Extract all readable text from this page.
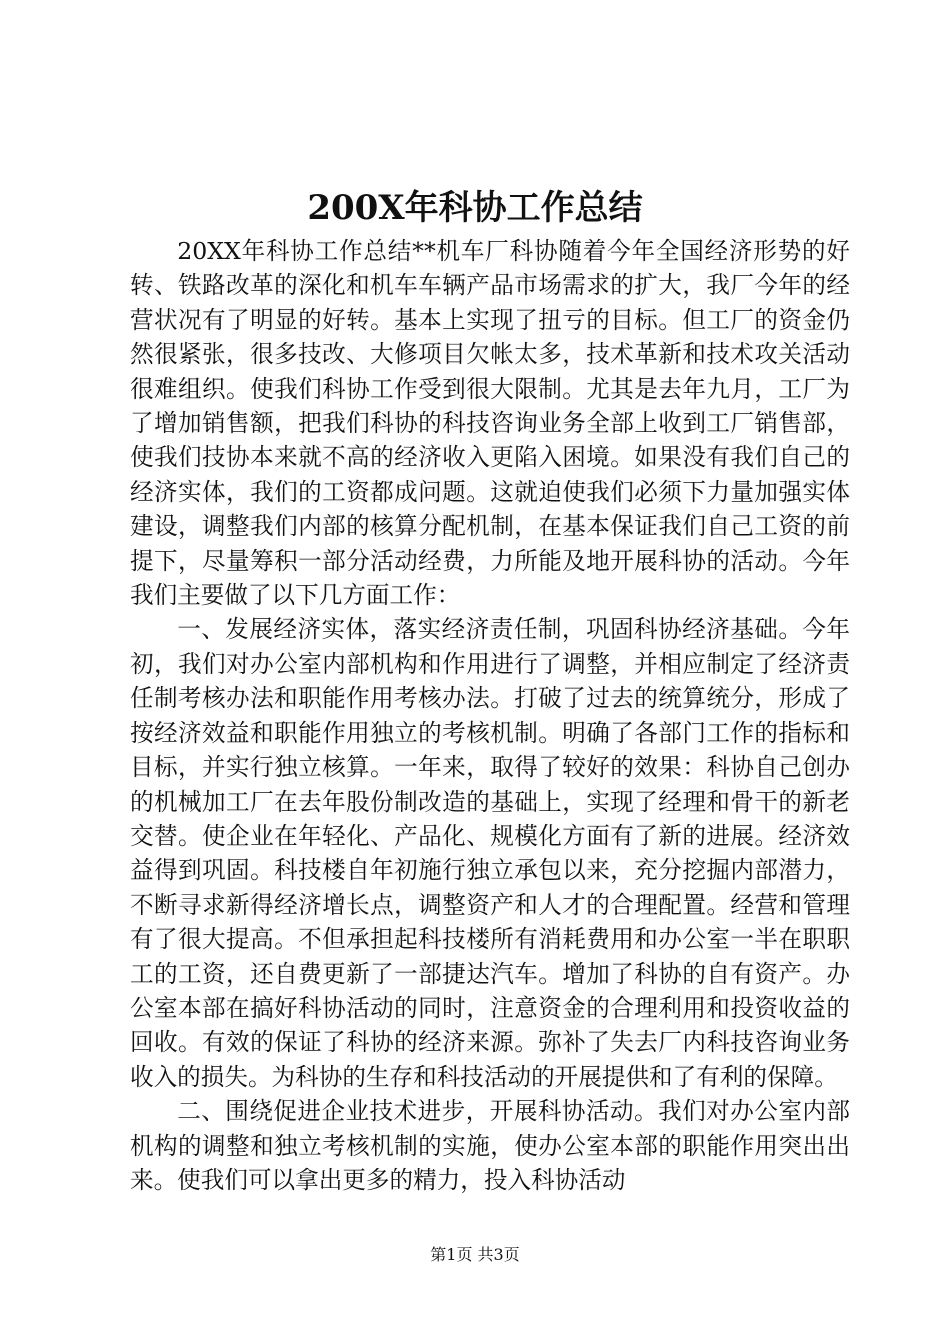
200X年科协工作总结

20XX年科协工作总结**机车厂科协随着今年全国经济形势的好转、铁路改革的深化和机车车辆产品市场需求的扩大，我厂今年的经营状况有了明显的好转。基本上实现了扭亏的目标。但工厂的资金仍然很紧张，很多技改、大修项目欠帐太多，技术革新和技术攻关活动很难组织。使我们科协工作受到很大限制。尤其是去年九月，工厂为了增加销售额，把我们科协的科技咨询业务全部上收到工厂销售部，使我们技协本来就不高的经济收入更陷入困境。如果没有我们自己的经济实体，我们的工资都成问题。这就迫使我们必须下力量加强实体建设，调整我们内部的核算分配机制，在基本保证我们自己工资的前提下，尽量筹积一部分活动经费，力所能及地开展科协的活动。今年我们主要做了以下几方面工作：

一、发展经济实体，落实经济责任制，巩固科协经济基础。今年初，我们对办公室内部机构和作用进行了调整，并相应制定了经济责任制考核办法和职能作用考核办法。打破了过去的统算统分，形成了按经济效益和职能作用独立的考核机制。明确了各部门工作的指标和目标，并实行独立核算。一年来，取得了较好的效果：科协自己创办的机械加工厂在去年股份制改造的基础上，实现了经理和骨干的新老交替。使企业在年轻化、产品化、规模化方面有了新的进展。经济效益得到巩固。科技楼自年初施行独立承包以来，充分挖掘内部潜力，不断寻求新得经济增长点，调整资产和人才的合理配置。经营和管理有了很大提高。不但承担起科技楼所有消耗费用和办公室一半在职职工的工资，还自费更新了一部捷达汽车。增加了科协的自有资产。办公室本部在搞好科协活动的同时，注意资金的合理利用和投资收益的回收。有效的保证了科协的经济来源。弥补了失去厂内科技咨询业务收入的损失。为科协的生存和科技活动的开展提供和了有利的保障。

二、围绕促进企业技术进步，开展科协活动。我们对办公室内部机构的调整和独立考核机制的实施，使办公室本部的职能作用突出出来。使我们可以拿出更多的精力，投入科协活动

第1页 共3页
